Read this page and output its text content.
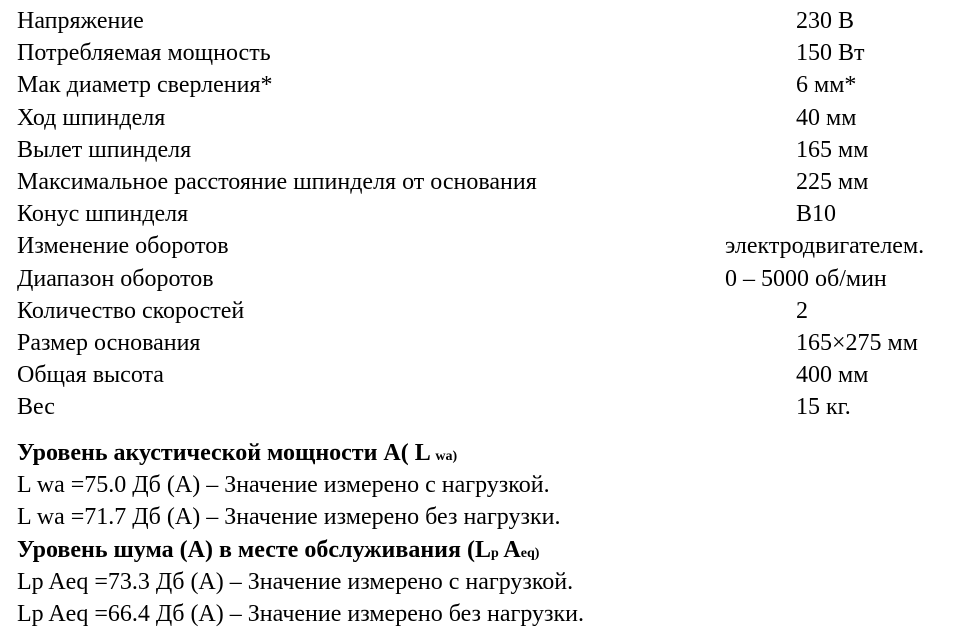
Напряжение	230 В
Потребляемая мощность	150 Вт
Мак диаметр сверления*	6 мм*
Ход шпинделя	40 мм
Вылет шпинделя	165 мм
Максимальное расстояние шпинделя от основания	225 мм
Конус шпинделя	B10
Изменение оборотов	электродвигателем.
Диапазон оборотов	0 – 5000 об/мин
Количество скоростей	2
Размер основания	165×275 мм
Общая высота	400 мм
Вес	15 кг.
Уровень акустической мощности A( L wa)
L wa =75.0 Дб (А) – Значение измерено с нагрузкой.
L wa =71.7 Дб (А) – Значение измерено без нагрузки.
Уровень шума (А) в месте обслуживания (Lp Aeq)
Lp Aeq =73.3 Дб (А) – Значение измерено с нагрузкой.
Lp Aeq =66.4 Дб (А) – Значение измерено без нагрузки.
